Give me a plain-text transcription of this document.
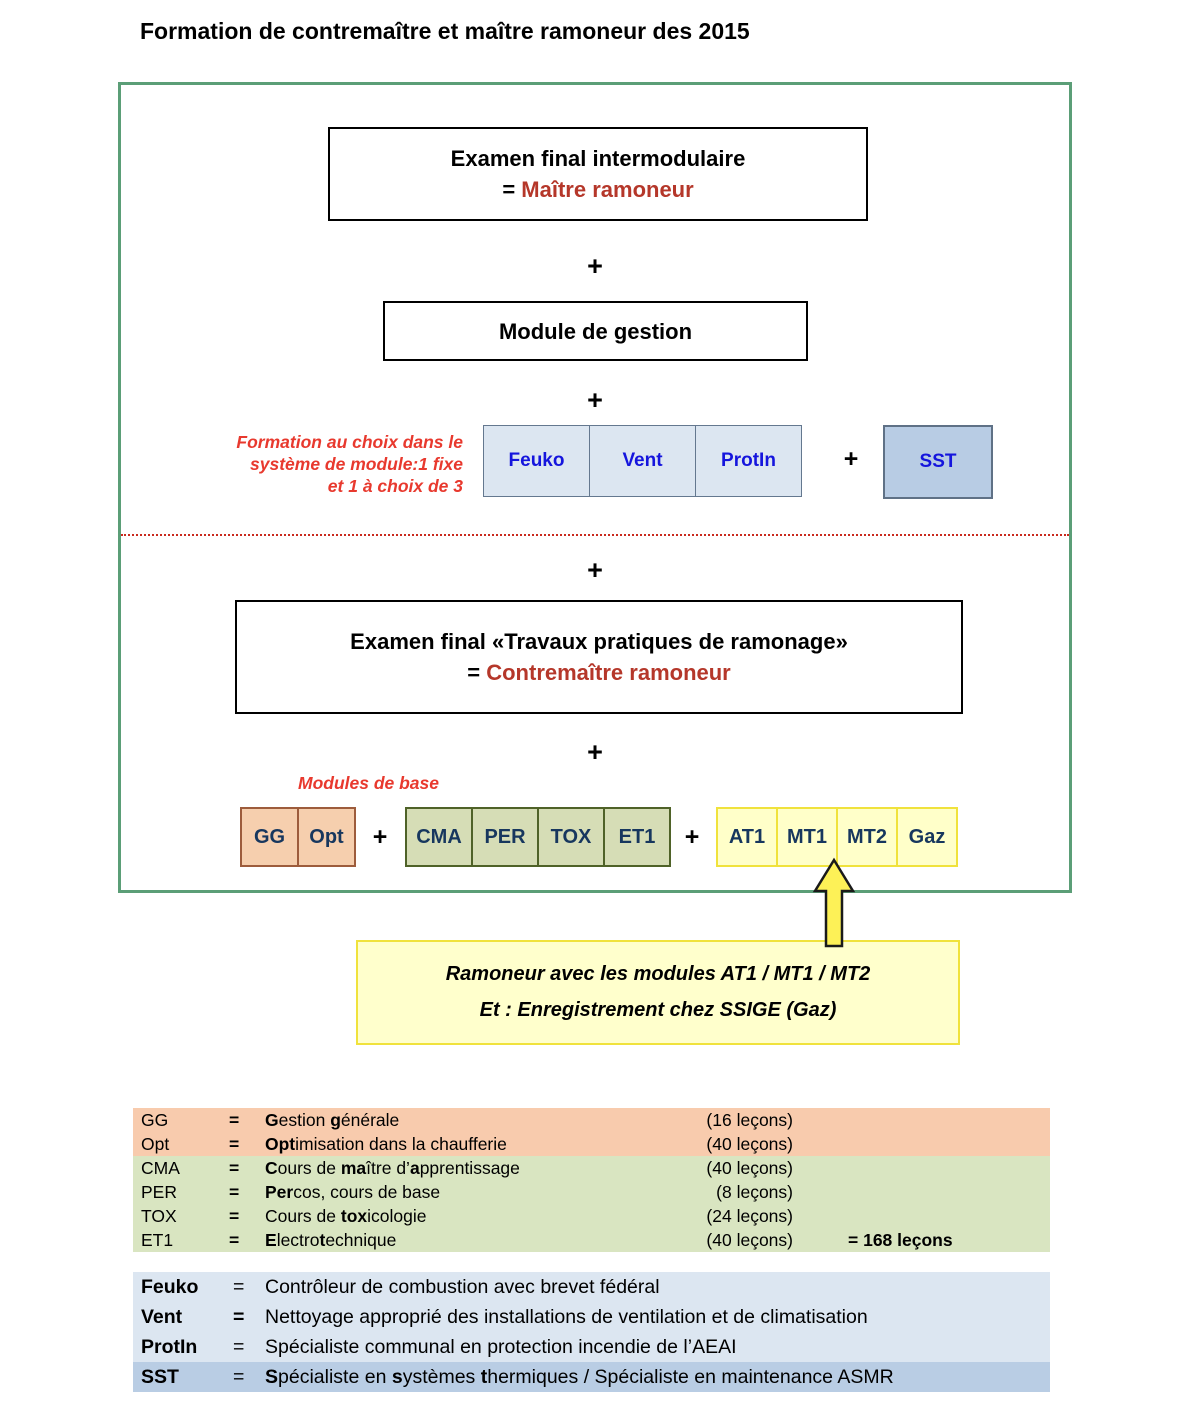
Formation de contremaître et maître ramoneur des 2015
Examen final intermodulaire
= Maître ramoneur
+
Module de gestion
+
Formation au choix dans le
système de module:1 fixe
et 1 à choix de 3
Feuko	Vent	ProtIn	+	SST
+
Examen final «Travaux pratiques de ramonage»
= Contremaître ramoneur
+
Modules de base
GG	Opt	+	CMA	PER	TOX	ET1	+	AT1	MT1	MT2	Gaz
Ramoneur avec les modules AT1 / MT1 / MT2
Et : Enregistrement chez SSIGE (Gaz)
GG	=	Gestion générale	(16 leçons)
Opt	=	Optimisation dans la chaufferie	(40 leçons)
CMA	=	Cours de maître d’apprentissage	(40 leçons)
PER	=	Percos, cours de base	(8 leçons)
TOX	=	Cours de toxicologie	(24 leçons)
ET1	=	Electrotechnique	(40 leçons)	= 168 leçons
Feuko	=	Contrôleur de combustion avec brevet fédéral
Vent	=	Nettoyage approprié des installations de ventilation et de climatisation
ProtIn	=	Spécialiste communal en protection incendie de l’AEAI
SST	=	Spécialiste en systèmes thermiques / Spécialiste en maintenance ASMR
